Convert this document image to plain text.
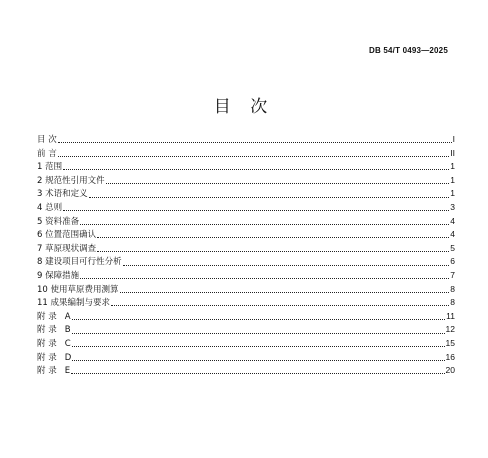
DB 54/T 0493—2025
目 次
目 次	I
前 言	II
1 范围	1
2 规范性引用文件	1
3 术语和定义	1
4 总则	3
5 资料准备	4
6 位置范围确认	4
7 草原现状调查	5
8 建设项目可行性分析	6
9 保障措施	7
10 使用草原费用测算	8
11 成果编制与要求	8
附 录   A	11
附 录   B	12
附 录   C	15
附 录   D	16
附 录   E	20
